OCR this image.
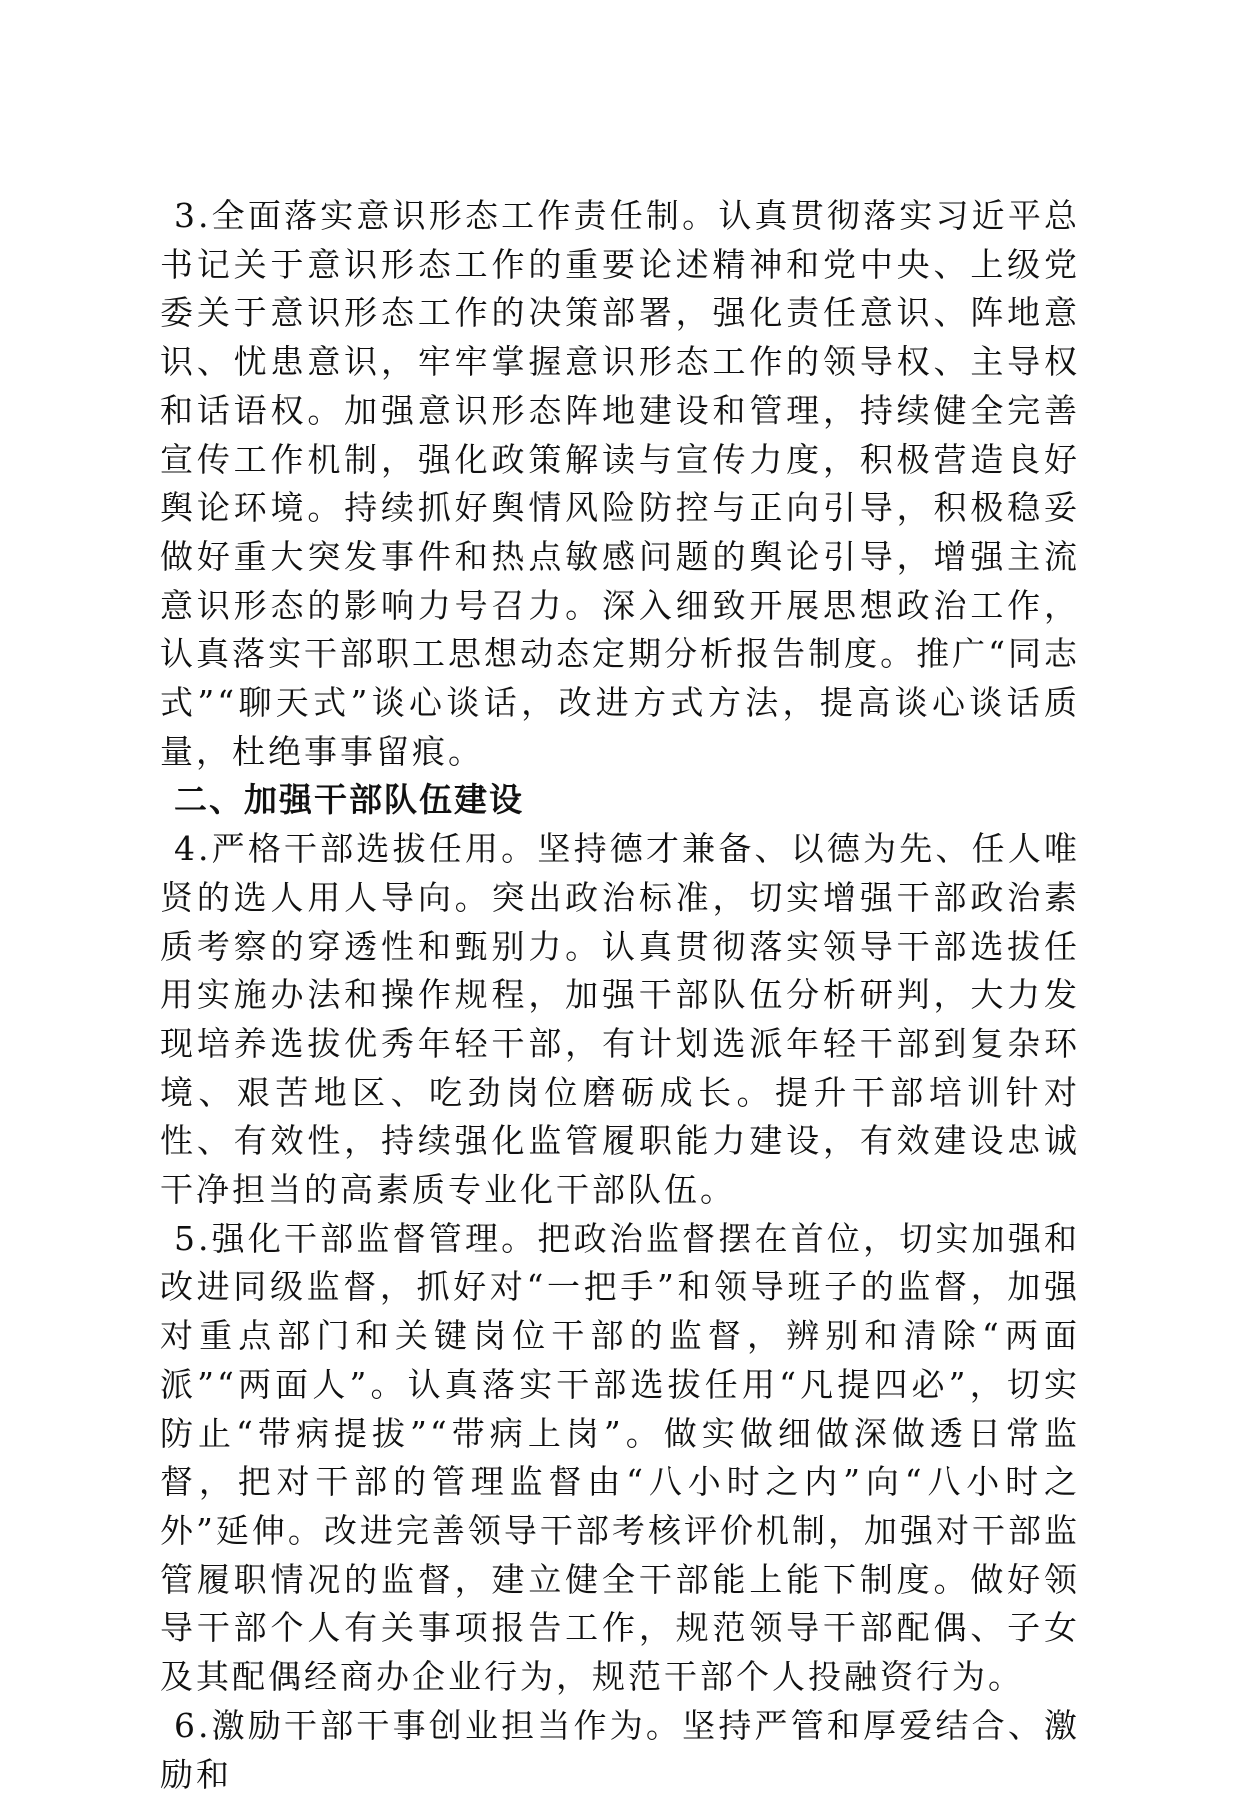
3.全面落实意识形态工作责任制。认真贯彻落实习近平总书记关于意识形态工作的重要论述精神和党中央、上级党委关于意识形态工作的决策部署，强化责任意识、阵地意识、忧患意识，牢牢掌握意识形态工作的领导权、主导权和话语权。加强意识形态阵地建设和管理，持续健全完善宣传工作机制，强化政策解读与宣传力度，积极营造良好舆论环境。持续抓好舆情风险防控与正向引导，积极稳妥做好重大突发事件和热点敏感问题的舆论引导，增强主流意识形态的影响力号召力。深入细致开展思想政治工作，认真落实干部职工思想动态定期分析报告制度。推广“同志式”“聊天式”谈心谈话，改进方式方法，提高谈心谈话质量，杜绝事事留痕。

二、加强干部队伍建设

4.严格干部选拔任用。坚持德才兼备、以德为先、任人唯贤的选人用人导向。突出政治标准，切实增强干部政治素质考察的穿透性和甄别力。认真贯彻落实领导干部选拔任用实施办法和操作规程，加强干部队伍分析研判，大力发现培养选拔优秀年轻干部，有计划选派年轻干部到复杂环境、艰苦地区、吃劲岗位磨砺成长。提升干部培训针对性、有效性，持续强化监管履职能力建设，有效建设忠诚干净担当的高素质专业化干部队伍。

5.强化干部监督管理。把政治监督摆在首位，切实加强和改进同级监督，抓好对“一把手”和领导班子的监督，加强对重点部门和关键岗位干部的监督，辨别和清除“两面派”“两面人”。认真落实干部选拔任用“凡提四必”，切实防止“带病提拔”“带病上岗”。做实做细做深做透日常监督，把对干部的管理监督由“八小时之内”向“八小时之外”延伸。改进完善领导干部考核评价机制，加强对干部监管履职情况的监督，建立健全干部能上能下制度。做好领导干部个人有关事项报告工作，规范领导干部配偶、子女及其配偶经商办企业行为，规范干部个人投融资行为。

6.激励干部干事创业担当作为。坚持严管和厚爱结合、激励和
